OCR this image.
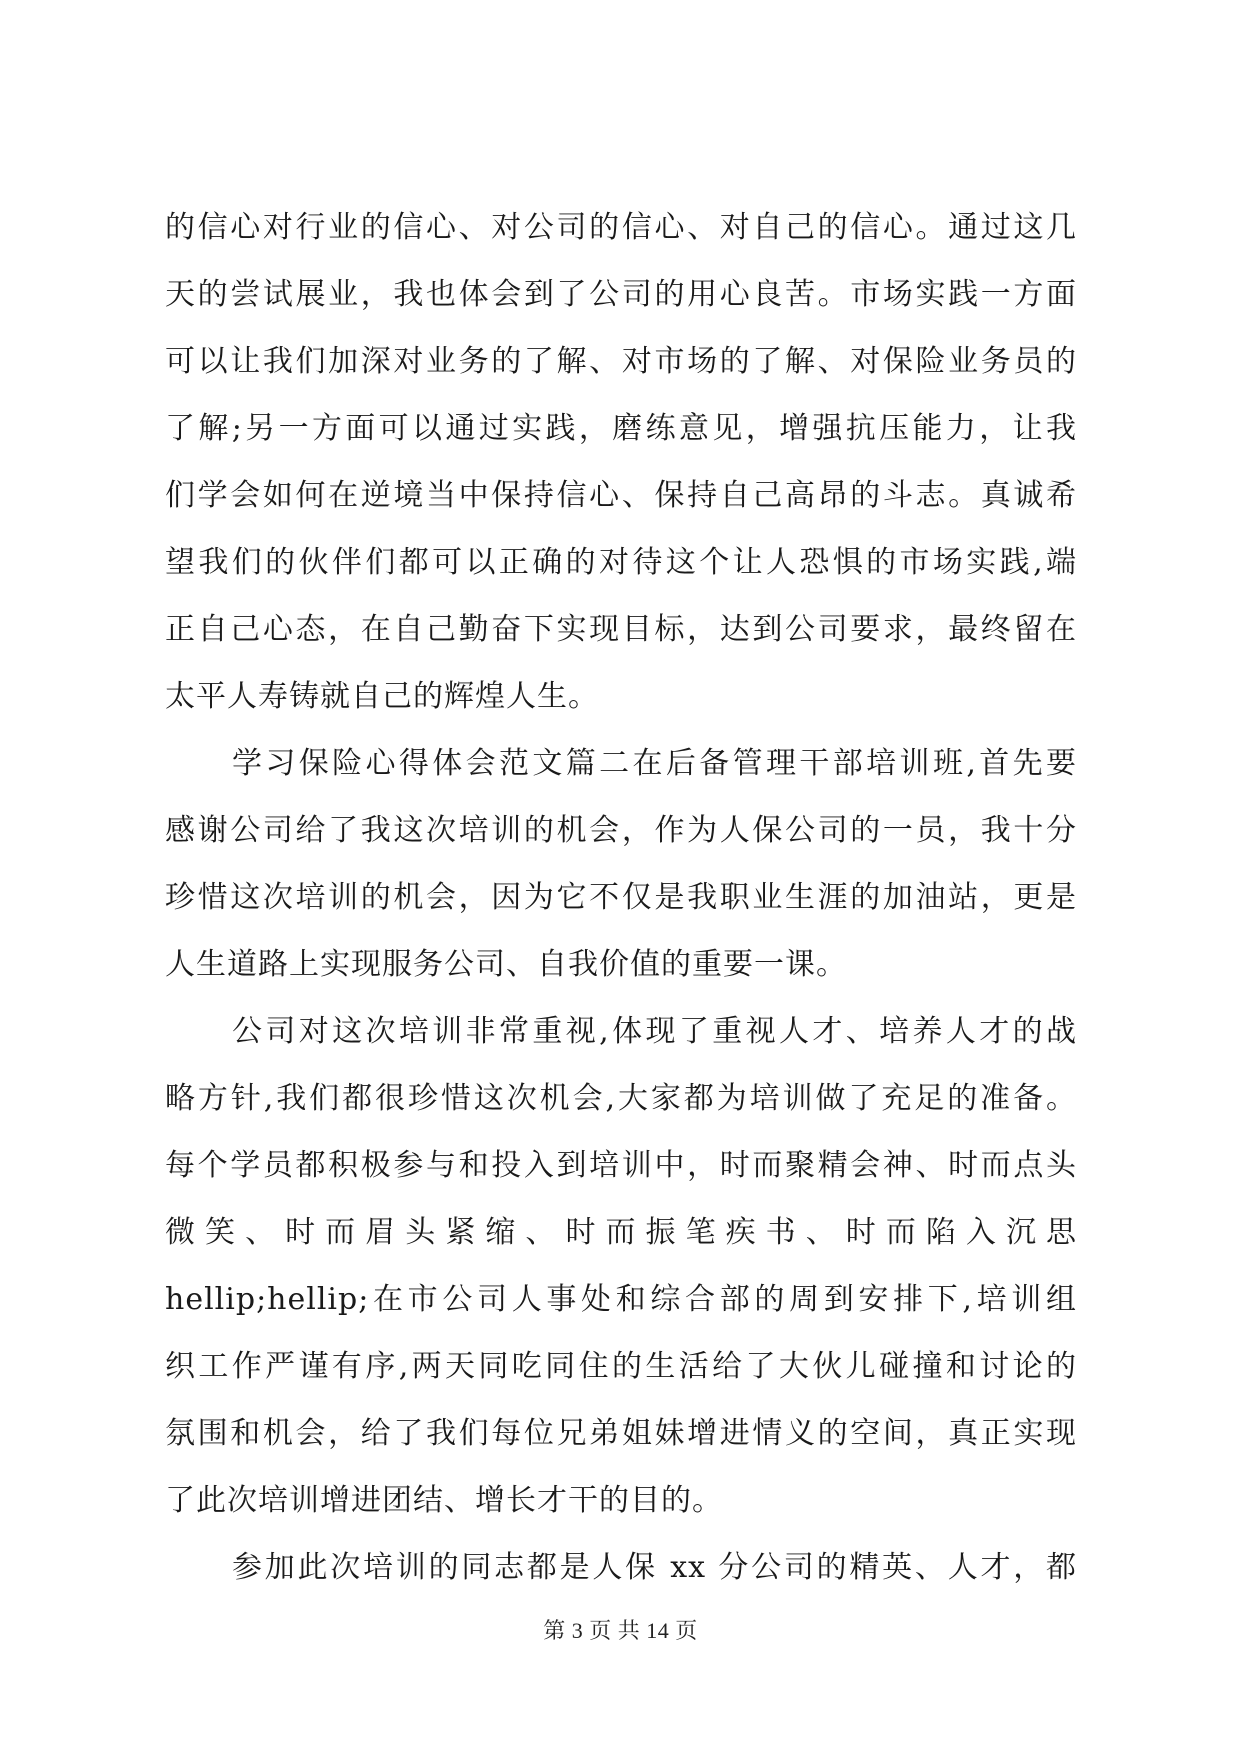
的信心对行业的信心、对公司的信心、对自己的信心。通过这几
天的尝试展业，我也体会到了公司的用心良苦。市场实践一方面
可以让我们加深对业务的了解、对市场的了解、对保险业务员的
了解;另一方面可以通过实践，磨练意见，增强抗压能力，让我
们学会如何在逆境当中保持信心、保持自己高昂的斗志。真诚希
望我们的伙伴们都可以正确的对待这个让人恐惧的市场实践,端
正自己心态，在自己勤奋下实现目标，达到公司要求，最终留在
太平人寿铸就自己的辉煌人生。
学习保险心得体会范文篇二在后备管理干部培训班,首先要
感谢公司给了我这次培训的机会，作为人保公司的一员，我十分
珍惜这次培训的机会，因为它不仅是我职业生涯的加油站，更是
人生道路上实现服务公司、自我价值的重要一课。
公司对这次培训非常重视,体现了重视人才、培养人才的战
略方针,我们都很珍惜这次机会,大家都为培训做了充足的准备。
每个学员都积极参与和投入到培训中，时而聚精会神、时而点头
微笑、时而眉头紧缩、时而振笔疾书、时而陷入沉思
hellip;hellip;在市公司人事处和综合部的周到安排下,培训组
织工作严谨有序,两天同吃同住的生活给了大伙儿碰撞和讨论的
氛围和机会，给了我们每位兄弟姐妹增进情义的空间，真正实现
了此次培训增进团结、增长才干的目的。
参加此次培训的同志都是人保 xx 分公司的精英、人才，都
第 3 页 共 14 页
